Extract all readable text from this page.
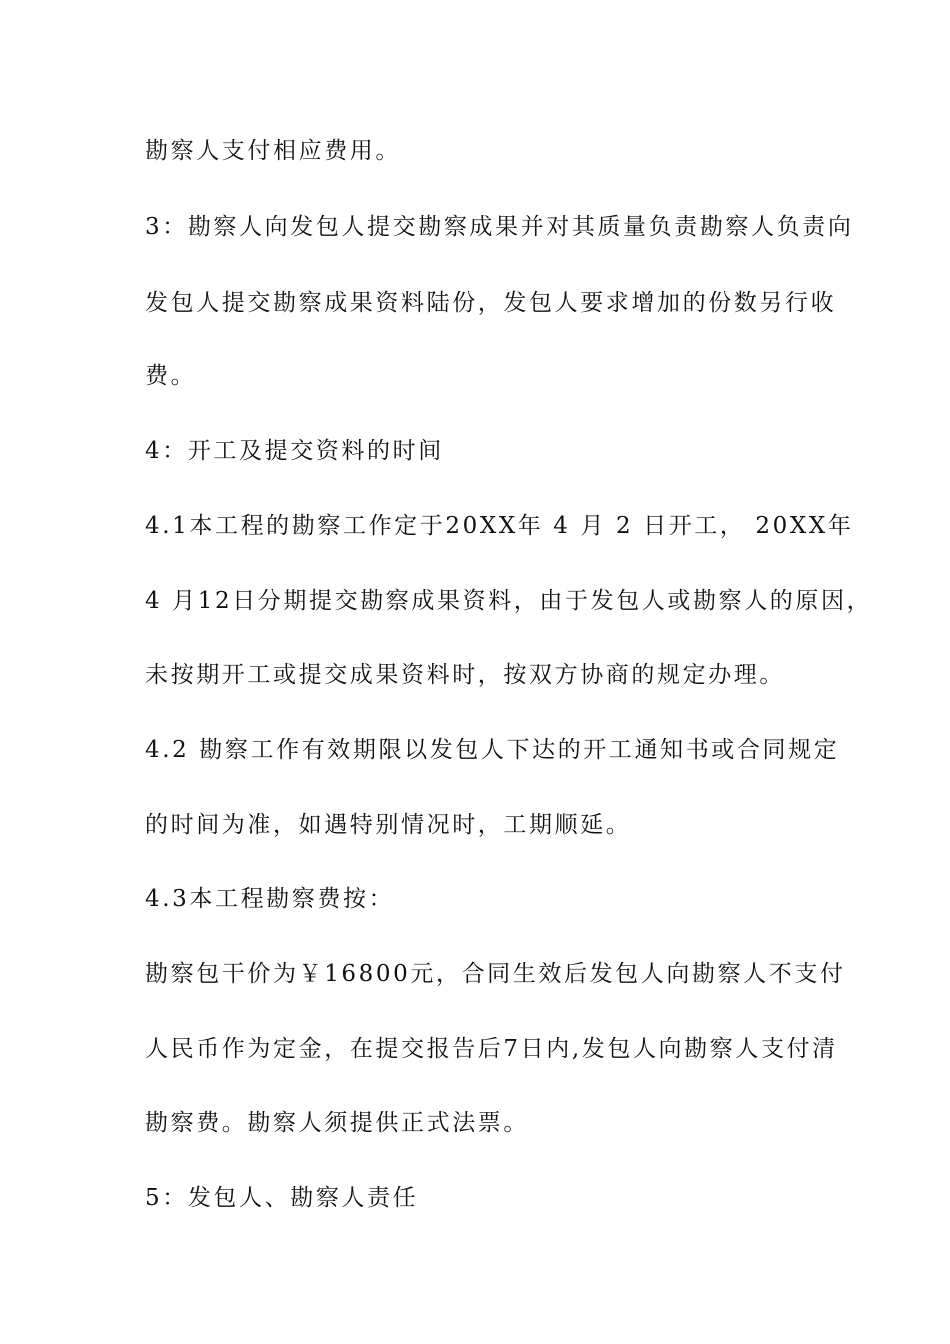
勘察人支付相应费用。
3：勘察人向发包人提交勘察成果并对其质量负责勘察人负责向
发包人提交勘察成果资料陆份，发包人要求增加的份数另行收
费。
4：开工及提交资料的时间
4.1本工程的勘察工作定于20XX年 4 月 2 日开工， 20XX年
4 月12日分期提交勘察成果资料，由于发包人或勘察人的原因，
未按期开工或提交成果资料时，按双方协商的规定办理。
4.2 勘察工作有效期限以发包人下达的开工通知书或合同规定
的时间为准，如遇特别情况时，工期顺延。
4.3本工程勘察费按：
勘察包干价为￥16800元，合同生效后发包人向勘察人不支付
人民币作为定金，在提交报告后7日内,发包人向勘察人支付清
勘察费。勘察人须提供正式法票。
5：发包人、勘察人责任
